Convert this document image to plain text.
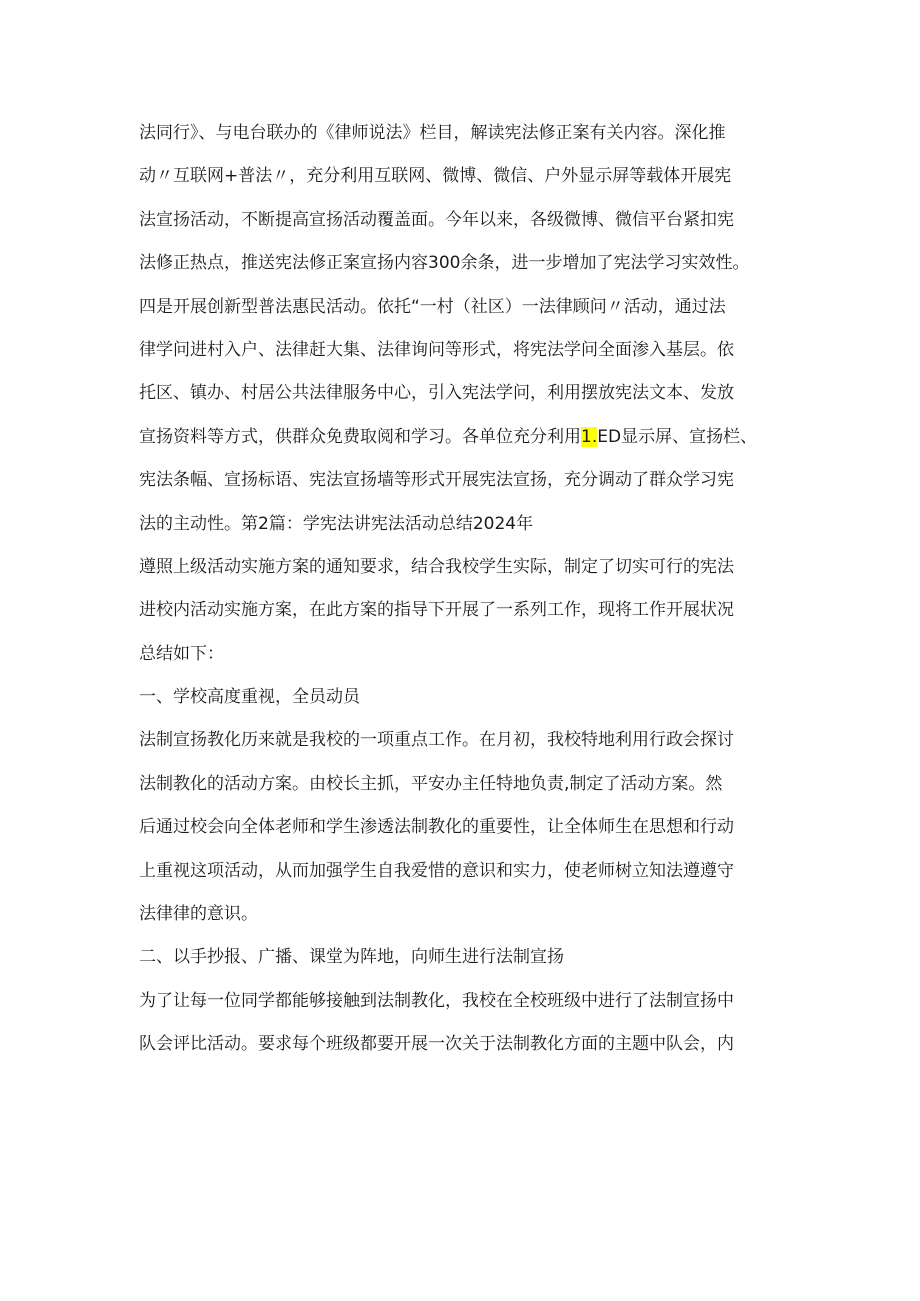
法同行》、与电台联办的《律师说法》栏目，解读宪法修正案有关内容。深化推
动〃互联网+普法〃，充分利用互联网、微博、微信、户外显示屏等载体开展宪
法宣扬活动，不断提高宣扬活动覆盖面。今年以来，各级微博、微信平台紧扣宪
法修正热点，推送宪法修正案宣扬内容300余条，进一步增加了宪法学习实效性。
四是开展创新型普法惠民活动。依托“一村（社区）一法律顾问〃活动，通过法
律学问进村入户、法律赶大集、法律询问等形式，将宪法学问全面渗入基层。依
托区、镇办、村居公共法律服务中心，引入宪法学问，利用摆放宪法文本、发放
宣扬资料等方式，供群众免费取阅和学习。各单位充分利用1.ED显示屏、宣扬栏、
宪法条幅、宣扬标语、宪法宣扬墙等形式开展宪法宣扬，充分调动了群众学习宪
法的主动性。第2篇：学宪法讲宪法活动总结2024年
遵照上级活动实施方案的通知要求，结合我校学生实际，制定了切实可行的宪法
进校内活动实施方案，在此方案的指导下开展了一系列工作，现将工作开展状况
总结如下：
一、学校高度重视，全员动员
法制宣扬教化历来就是我校的一项重点工作。在月初，我校特地利用行政会探讨
法制教化的活动方案。由校长主抓，平安办主任特地负责,制定了活动方案。然
后通过校会向全体老师和学生渗透法制教化的重要性，让全体师生在思想和行动
上重视这项活动，从而加强学生自我爱惜的意识和实力，使老师树立知法遵遵守
法律律的意识。
二、以手抄报、广播、课堂为阵地，向师生进行法制宣扬
为了让每一位同学都能够接触到法制教化，我校在全校班级中进行了法制宣扬中
队会评比活动。要求每个班级都要开展一次关于法制教化方面的主题中队会，内
